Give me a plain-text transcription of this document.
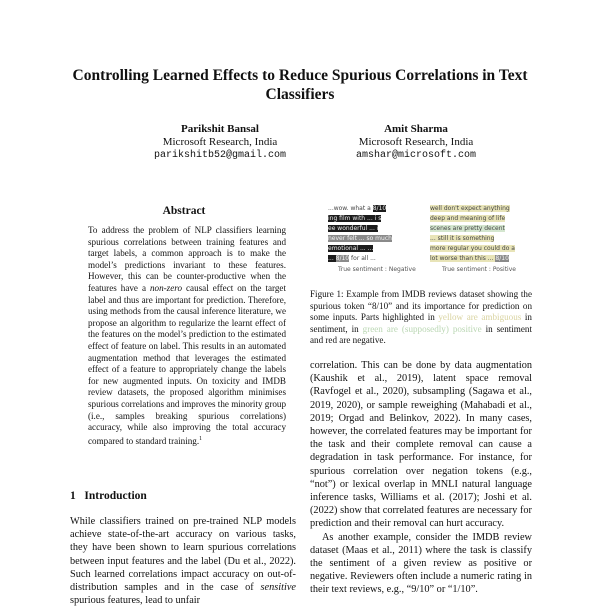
Controlling Learned Effects to Reduce Spurious Correlations in Text Classifiers
Parikshit Bansal
Microsoft Research, India
parikshitb52@gmail.com
Amit Sharma
Microsoft Research, India
amshar@microsoft.com
Abstract
To address the problem of NLP classifiers learning spurious correlations between training features and target labels, a common approach is to make the model’s predictions invariant to these features. However, this can be counter-productive when the features have a non-zero causal effect on the target label and thus are important for prediction. Therefore, using methods from the causal inference literature, we propose an algorithm to regularize the learnt effect of the features on the model’s prediction to the estimated effect of feature on label. This results in an automated augmentation method that leverages the estimated effect of a feature to appropriately change the labels for new augmented inputs. On toxicity and IMDB review datasets, the proposed algorithm minimises spurious correlations and improves the minority group (i.e., samples breaking spurious correlations) accuracy, while also improving the total accuracy compared to standard training.$^1$
1 Introduction
While classifiers trained on pre-trained NLP models achieve state-of-the-art accuracy on various tasks, they have been shown to learn spurious correlations between input features and the label (Du et al., 2022). Such learned correlations impact accuracy on out-of-distribution samples and in the case of sensitive spurious features, lead to unfair
...wow. what a 8/10
ing film with ... i s
ee wonderful ... i
never felt ... so much
emotional ... ...
... 8/10 for all ...
well don't expect anything
deep and meaning of life
scenes are pretty decent
... still it is something
more regular you could do a
lot worse than this ... 8/10
True sentiment : Negative	True sentiment : Positive
Figure 1: Example from IMDB reviews dataset showing the spurious token “8/10” and its importance for prediction on some inputs. Parts highlighted in yellow are ambiguous in sentiment, in green are (supposedly) positive in sentiment and red are negative.

correlation. This can be done by data augmentation (Kaushik et al., 2019), latent space removal (Ravfogel et al., 2020), subsampling (Sagawa et al., 2019, 2020), or sample reweighing (Mahabadi et al., 2019; Orgad and Belinkov, 2022). In many cases, however, the correlated features may be important for the task and their complete removal can cause a degradation in task performance. For instance, for spurious correlation over negation tokens (e.g., “not”) or lexical overlap in MNLI natural language inference tasks, Williams et al. (2017); Joshi et al. (2022) show that correlated features are necessary for prediction and their removal can hurt accuracy.

As another example, consider the IMDB review dataset (Maas et al., 2011) where the task is classify the sentiment of a given review as positive or negative. Reviewers often include a numeric rating in their text reviews, e.g., “9/10” or “1/10”.
